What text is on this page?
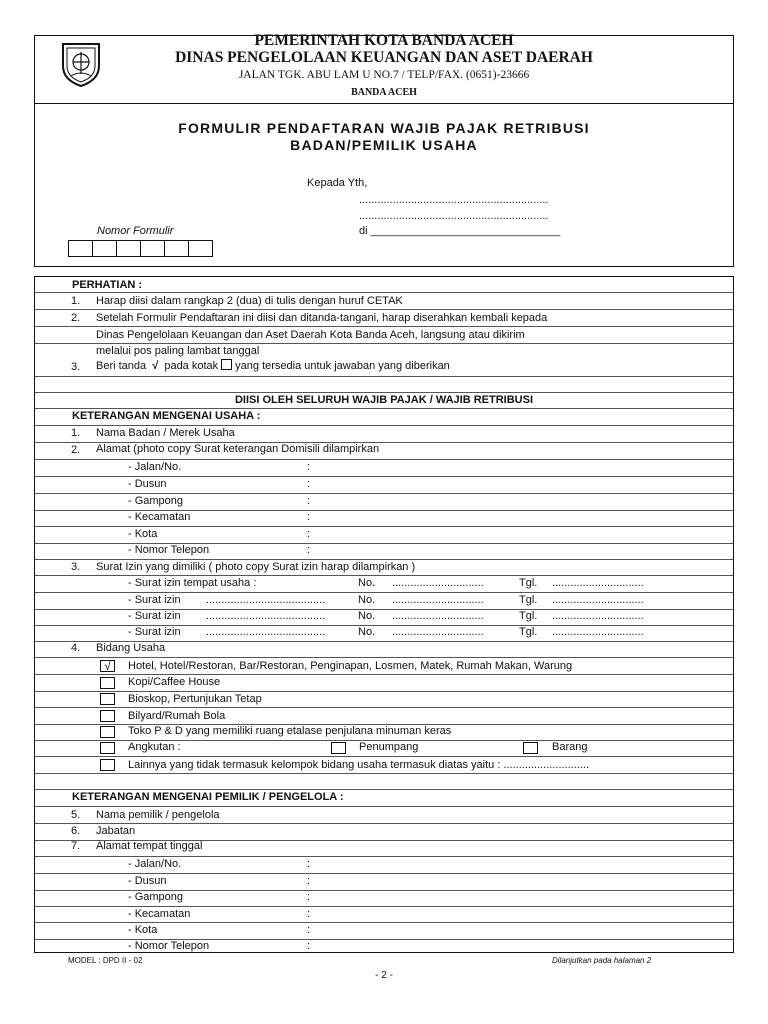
PEMERINTAH KOTA BANDA ACEH
DINAS PENGELOLAAN KEUANGAN DAN ASET DAERAH
JALAN TGK. ABU LAM U NO.7 / TELP/FAX. (0651)-23666
BANDA ACEH
FORMULIR PENDAFTARAN WAJIB PAJAK RETRIBUSI
BADAN/PEMILIK USAHA
Kepada Yth,
..............................................................
..............................................................
di _______________________________
Nomor Formulir
PERHATIAN :
1. Harap diisi dalam rangkap 2 (dua) di tulis dengan huruf CETAK
2. Setelah Formulir Pendaftaran ini diisi dan ditanda-tangani, harap diserahkan kembali kepada
Dinas Pengelolaan Keuangan dan Aset Daerah Kota Banda Aceh, langsung atau dikirim
melalui pos paling lambat tanggal
3. Beri tanda √ pada kotak yang tersedia untuk jawaban yang diberikan
DIISI OLEH SELURUH WAJIB PAJAK / WAJIB RETRIBUSI
KETERANGAN MENGENAI USAHA :
1. Nama Badan / Merek Usaha
2. Alamat (photo copy Surat keterangan Domisili dilampirkan
- Jalan/No.	:
- Dusun	:
- Gampong	:
- Kecamatan	:
- Kota	:
- Nomor Telepon	:
3. Surat Izin yang dimiliki ( photo copy Surat izin harap dilampirkan )
- Surat izin tempat usaha :	No. ..............................	Tgl. ..............................
- Surat izin .......................................	No. ..............................	Tgl. ..............................
- Surat izin .......................................	No. ..............................	Tgl. ..............................
- Surat izin .......................................	No. ..............................	Tgl. ..............................
4. Bidang Usaha
√	Hotel, Hotel/Restoran, Bar/Restoran, Penginapan, Losmen, Matek, Rumah Makan, Warung
Kopi/Caffee House
Bioskop, Pertunjukan Tetap
Bilyard/Rumah Bola
Toko P & D yang memiliki ruang etalase penjulana minuman keras
Angkutan :	Penumpang	Barang
Lainnya yang tidak termasuk kelompok bidang usaha termasuk diatas yaitu : ............................
KETERANGAN MENGENAI PEMILIK / PENGELOLA :
5. Nama pemilik / pengelola
6. Jabatan
7. Alamat tempat tinggal
- Jalan/No.	:
- Dusun	:
- Gampong	:
- Kecamatan	:
- Kota	:
- Nomor Telepon	:
MODEL : DPD II - 02	Dilanjutkan pada halaman 2
- 2 -
